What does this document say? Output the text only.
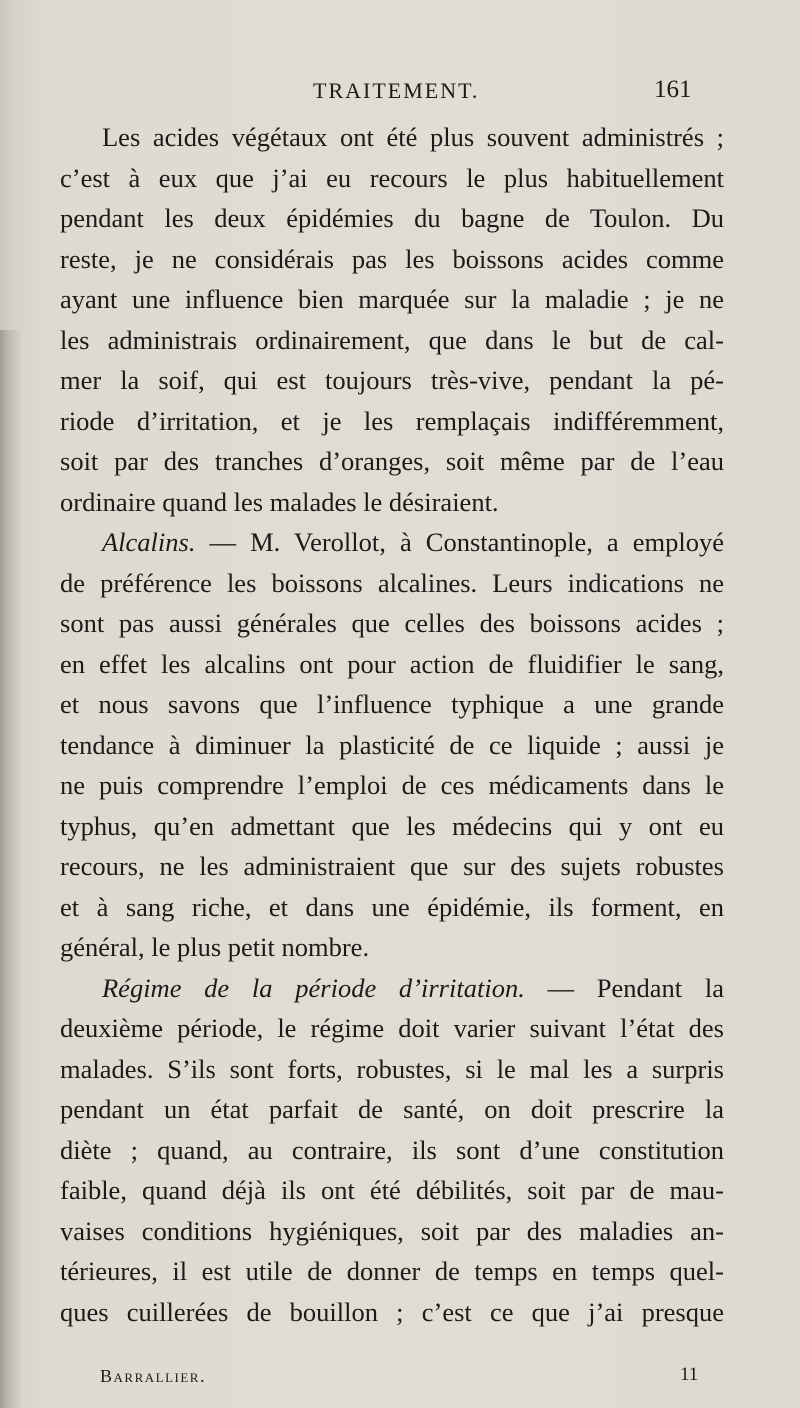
TRAITEMENT.	161
Les acides végétaux ont été plus souvent administrés ;
c’est à eux que j’ai eu recours le plus habituellement
pendant les deux épidémies du bagne de Toulon. Du
reste, je ne considérais pas les boissons acides comme
ayant une influence bien marquée sur la maladie ; je ne
les administrais ordinairement, que dans le but de cal-
mer la soif, qui est toujours très-vive, pendant la pé-
riode d’irritation, et je les remplaçais indifféremment,
soit par des tranches d’oranges, soit même par de l’eau
ordinaire quand les malades le désiraient.
Alcalins. — M. Verollot, à Constantinople, a employé
de préférence les boissons alcalines. Leurs indications ne
sont pas aussi générales que celles des boissons acides ;
en effet les alcalins ont pour action de fluidifier le sang,
et nous savons que l’influence typhique a une grande
tendance à diminuer la plasticité de ce liquide ; aussi je
ne puis comprendre l’emploi de ces médicaments dans le
typhus, qu’en admettant que les médecins qui y ont eu
recours, ne les administraient que sur des sujets robustes
et à sang riche, et dans une épidémie, ils forment, en
général, le plus petit nombre.
Régime de la période d’irritation. — Pendant la
deuxième période, le régime doit varier suivant l’état des
malades. S’ils sont forts, robustes, si le mal les a surpris
pendant un état parfait de santé, on doit prescrire la
diète ; quand, au contraire, ils sont d’une constitution
faible, quand déjà ils ont été débilités, soit par de mau-
vaises conditions hygiéniques, soit par des maladies an-
térieures, il est utile de donner de temps en temps quel-
ques cuillerées de bouillon ; c’est ce que j’ai presque
Barrallier.	11
